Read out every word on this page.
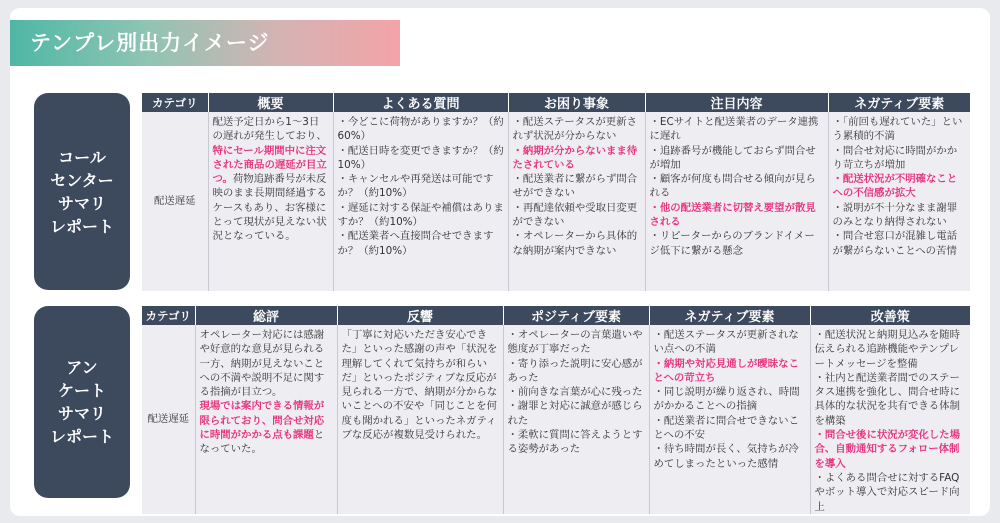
テンプレ別出力イメージ
コール
センター
サマリ
レポート
カテゴリ	概要	よくある質問	お困り事象	注目内容	ネガティブ要素
配送遅延	配送予定日から1～3日の遅れが発生しており、特にセール期間中に注文された商品の遅延が目立つ。荷物追跡番号が未反映のまま長期間経過するケースもあり、お客様にとって現状が見えない状況となっている。	・今どこに荷物がありますか？（約60%）
・配送日時を変更できますか？（約10%）
・キャンセルや再発送は可能ですか？（約10%）
・遅延に対する保証や補償はありますか？（約10%）
・配送業者へ直接問合せできますか？（約10%）	・配送ステータスが更新されず状況が分からない
・納期が分からないまま待たされている
・配送業者に繋がらず問合せができない
・再配達依頼や受取日変更ができない
・オペレーターから具体的な納期が案内できない	・ECサイトと配送業者のデータ連携に遅れ
・追跡番号が機能しておらず問合せが増加
・顧客が何度も問合せる傾向が見られる
・他の配送業者に切替え要望が散見される
・リピーターからのブランドイメージ低下に繋がる懸念	・「前回も遅れていた」という累積的不満
・問合せ対応に時間がかかり苛立ちが増加
・配送状況が不明確なことへの不信感が拡大
・説明が不十分なまま謝罪のみとなり納得されない
・問合せ窓口が混雑し電話が繋がらないことへの苦情
アン
ケート
サマリ
レポート
カテゴリ	総評	反響	ポジティブ要素	ネガティブ要素	改善策
配送遅延	オペレーター対応には感謝や好意的な意見が見られる一方、納期が見えないことへの不満や説明不足に関する指摘が目立つ。
現場では案内できる情報が限られており、問合せ対応に時間がかかる点も課題となっていた。	「丁寧に対応いただき安心できた」といった感謝の声や「状況を理解してくれて気持ちが和らいだ」といったポジティブな反応が見られる一方で、納期が分からないことへの不安や「同じことを何度も聞かれる」といったネガティブな反応が複数見受けられた。	・オペレーターの言葉遣いや態度が丁寧だった
・寄り添った説明に安心感があった
・前向きな言葉が心に残った
・謝罪と対応に誠意が感じられた
・柔軟に質問に答えようとする姿勢があった	・配送ステータスが更新されない点への不満
・納期や対応見通しが曖昧なことへの苛立ち
・同じ説明が繰り返され、時間がかかることへの指摘
・配送業者に問合せできないことへの不安
・待ち時間が長く、気持ちが冷めてしまったといった感情	・配送状況と納期見込みを随時伝えられる追跡機能やテンプレートメッセージを整備
・社内と配送業者間でのステータス連携を強化し、問合せ時に具体的な状況を共有できる体制を構築
・問合せ後に状況が変化した場合、自動通知するフォロー体制を導入
・よくある問合せに対するFAQやボット導入で対応スピード向上
